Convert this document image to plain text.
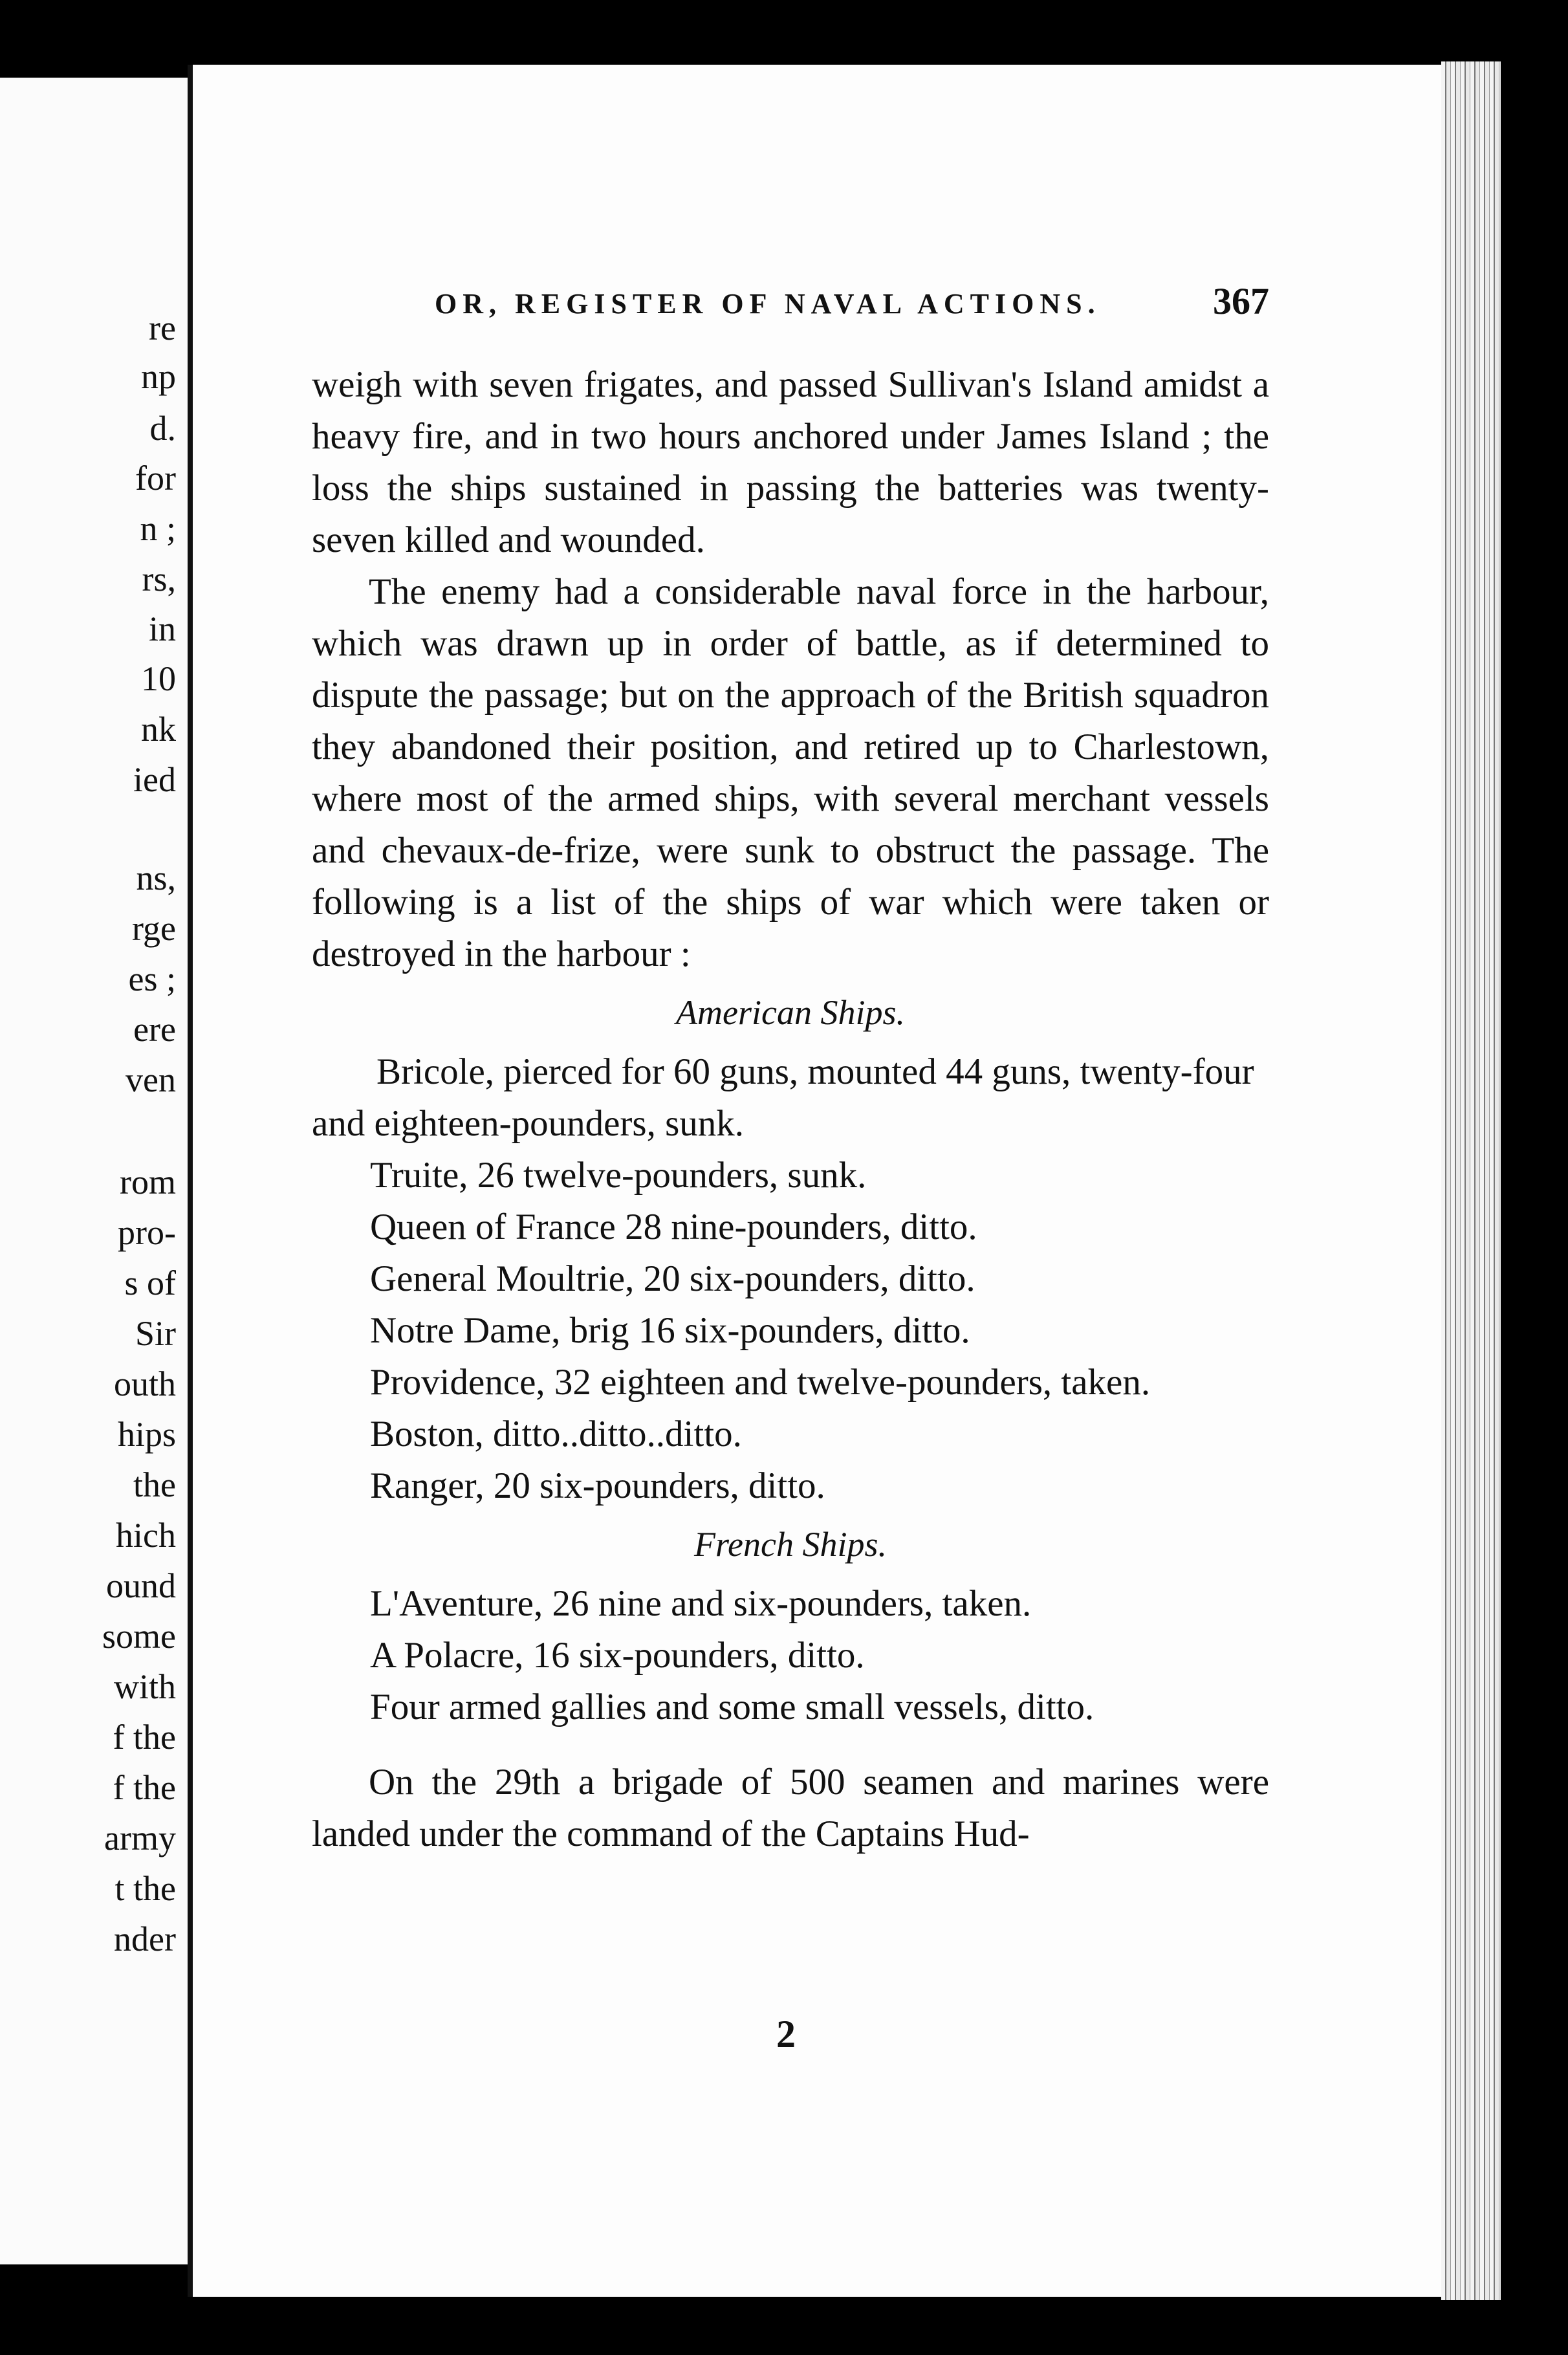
re

np

d.

for

n ;

rs,

in

10

nk

ied

ns,

rge

es ;

ere

ven

rom

pro-

s of

Sir

outh

hips

the

hich

ound

some

with

f the

f the

army

t the

nder

OR, REGISTER OF NAVAL ACTIONS.	367

weigh with seven frigates, and passed Sullivan's Island amidst a heavy fire, and in two hours anchored under James Island ; the loss the ships sustained in passing the batteries was twenty-seven killed and wounded.

The enemy had a considerable naval force in the harbour, which was drawn up in order of battle, as if determined to dispute the passage; but on the approach of the British squadron they abandoned their position, and retired up to Charlestown, where most of the armed ships, with several merchant vessels and chevaux-de-frize, were sunk to obstruct the passage. The following is a list of the ships of war which were taken or destroyed in the harbour :

American Ships.

Bricole, pierced for 60 guns, mounted 44 guns, twenty-four and eighteen-pounders, sunk.
Truite, 26 twelve-pounders, sunk.
Queen of France 28 nine-pounders, ditto.
General Moultrie, 20 six-pounders, ditto.
Notre Dame, brig 16 six-pounders, ditto.
Providence, 32 eighteen and twelve-pounders, taken.
Boston, ditto..ditto..ditto.
Ranger, 20 six-pounders, ditto.

French Ships.

L'Aventure, 26 nine and six-pounders, taken.
A Polacre, 16 six-pounders, ditto.
Four armed gallies and some small vessels, ditto.

On the 29th a brigade of 500 seamen and marines were landed under the command of the Captains Hud-

2
